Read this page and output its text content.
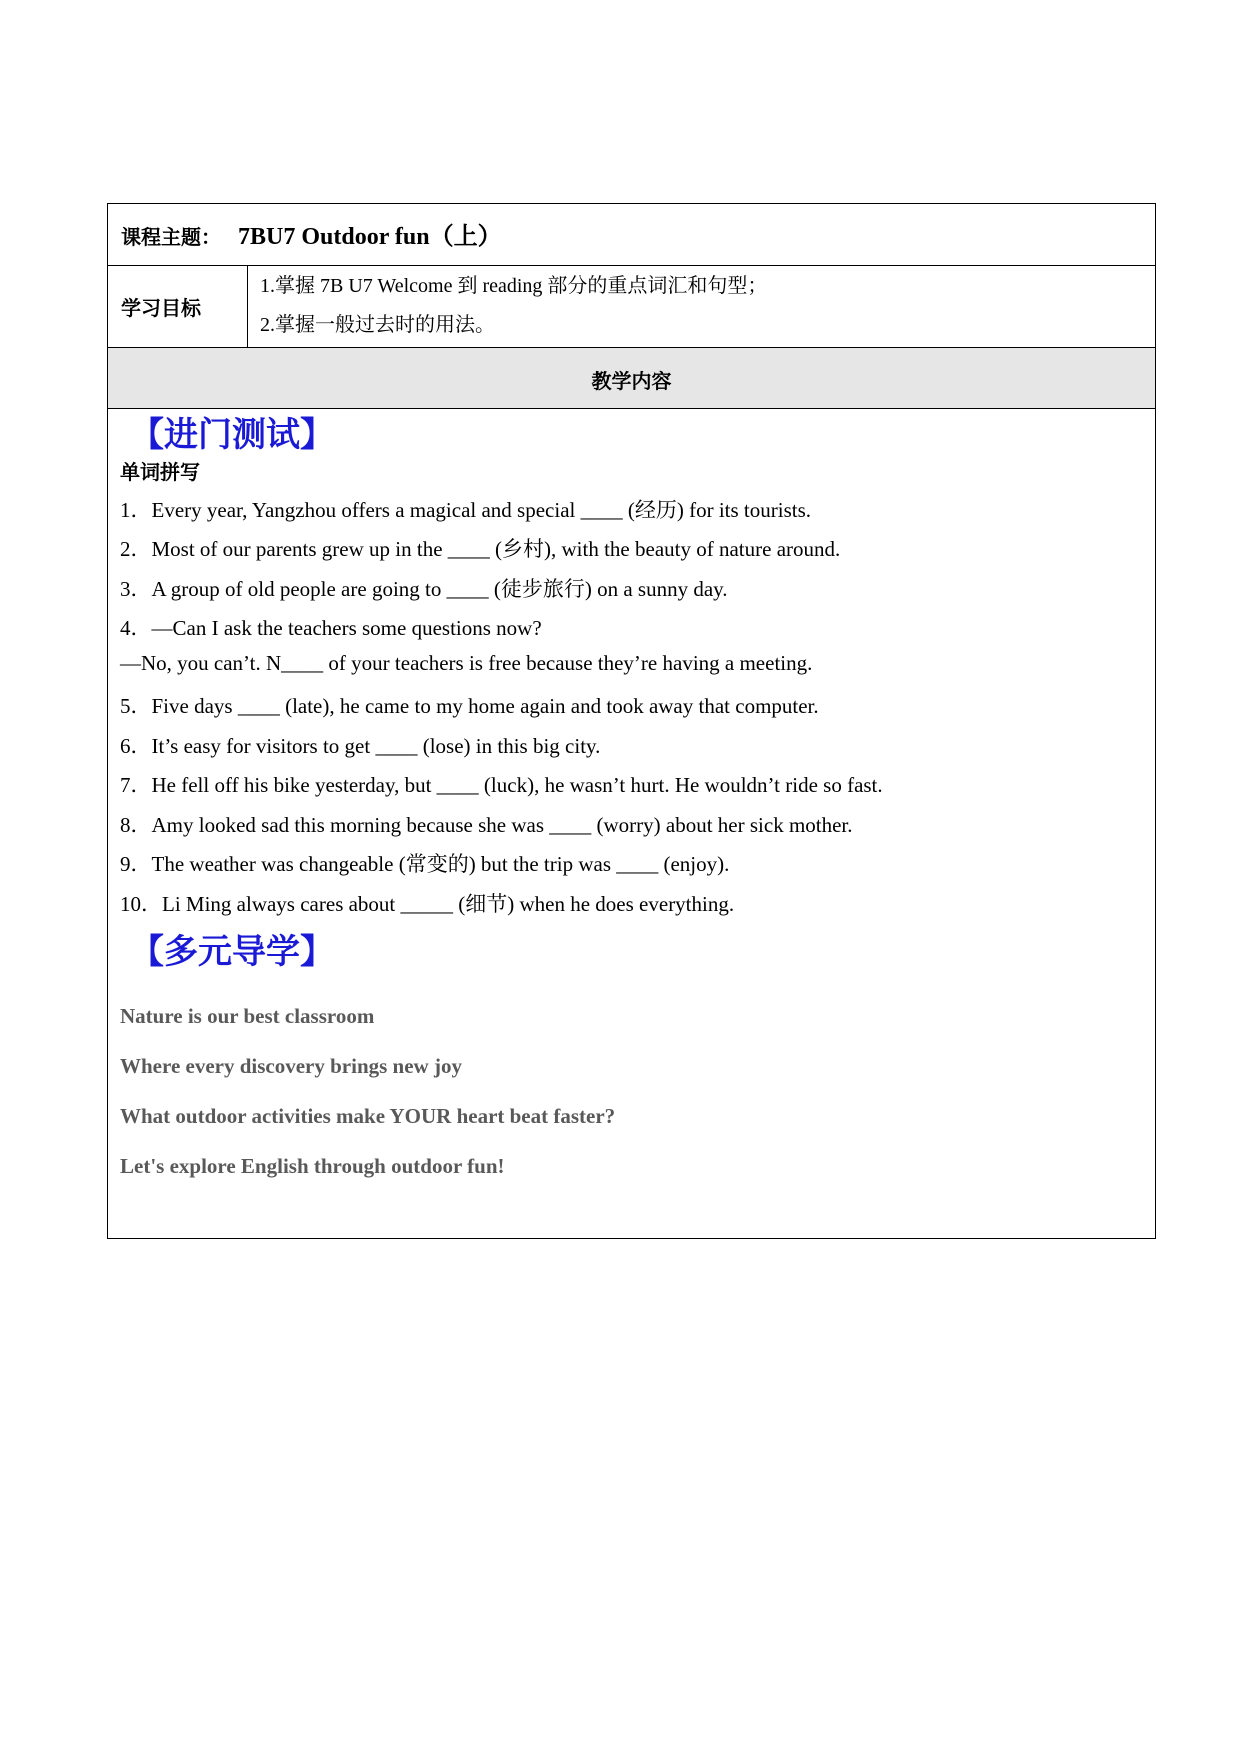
课程主题： 7BU7 Outdoor fun（上）
学习目标
1.掌握 7B U7 Welcome 到 reading 部分的重点词汇和句型；
2.掌握一般过去时的用法。
教学内容
【进门测试】
单词拼写
1．Every year, Yangzhou offers a magical and special ____ (经历) for its tourists.
2．Most of our parents grew up in the ____ (乡村), with the beauty of nature around.
3．A group of old people are going to ____ (徒步旅行) on a sunny day.
4．—Can I ask the teachers some questions now?
—No, you can’t. N____ of your teachers is free because they’re having a meeting.
5．Five days ____ (late), he came to my home again and took away that computer.
6．It’s easy for visitors to get ____ (lose) in this big city.
7．He fell off his bike yesterday, but ____ (luck), he wasn’t hurt. He wouldn’t ride so fast.
8．Amy looked sad this morning because she was ____ (worry) about her sick mother.
9．The weather was changeable (常变的) but the trip was ____ (enjoy).
10．Li Ming always cares about _____ (细节) when he does everything.
【多元导学】
Nature is our best classroom
Where every discovery brings new joy
What outdoor activities make YOUR heart beat faster?
Let's explore English through outdoor fun!
